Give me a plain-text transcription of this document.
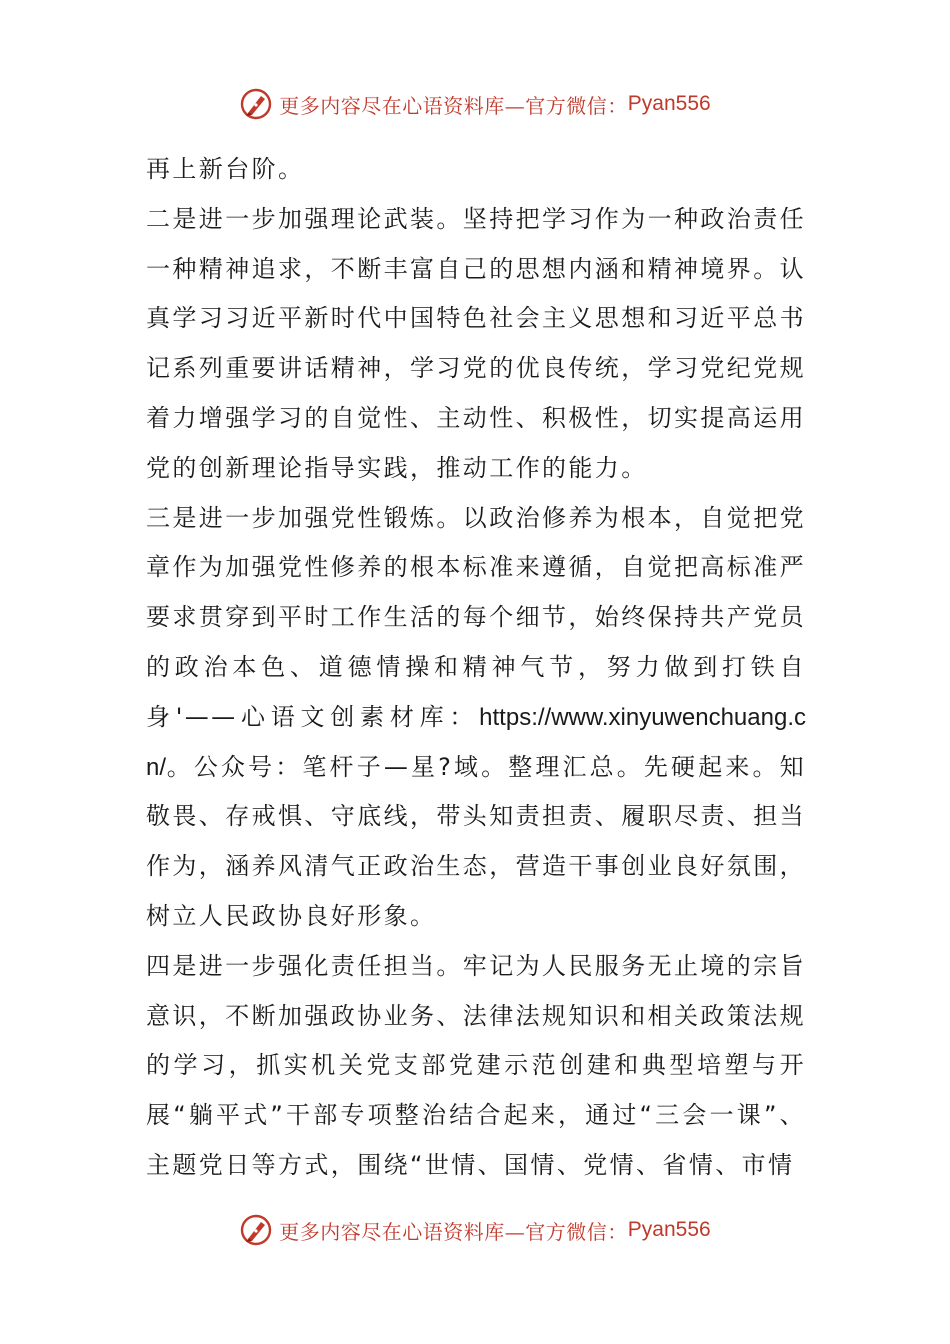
更多内容尽在心语资料库—官方微信： Pyan556

再上新台阶。

二是进一步加强理论武装。坚持把学习作为一种政治责任一种精神追求，不断丰富自己的思想内涵和精神境界。认真学习习近平新时代中国特色社会主义思想和习近平总书记系列重要讲话精神，学习党的优良传统，学习党纪党规着力增强学习的自觉性、主动性、积极性，切实提高运用党的创新理论指导实践，推动工作的能力。

三是进一步加强党性锻炼。以政治修养为根本，自觉把党章作为加强党性修养的根本标准来遵循，自觉把高标准严要求贯穿到平时工作生活的每个细节，始终保持共产党员的政治本色、道德情操和精神气节，努力做到打铁自身'——心语文创素材库：https://www.xinyuwenchuang.cn/。公众号：笔杆子—星?域。整理汇总。先硬起来。知敬畏、存戒惧、守底线，带头知责担责、履职尽责、担当作为，涵养风清气正政治生态，营造干事创业良好氛围，树立人民政协良好形象。

四是进一步强化责任担当。牢记为人民服务无止境的宗旨意识，不断加强政协业务、法律法规知识和相关政策法规的学习，抓实机关党支部党建示范创建和典型培塑与开展“躺平式”干部专项整治结合起来，通过“三会一课”、主题党日等方式，围绕“世情、国情、党情、省情、市情

更多内容尽在心语资料库—官方微信： Pyan556
